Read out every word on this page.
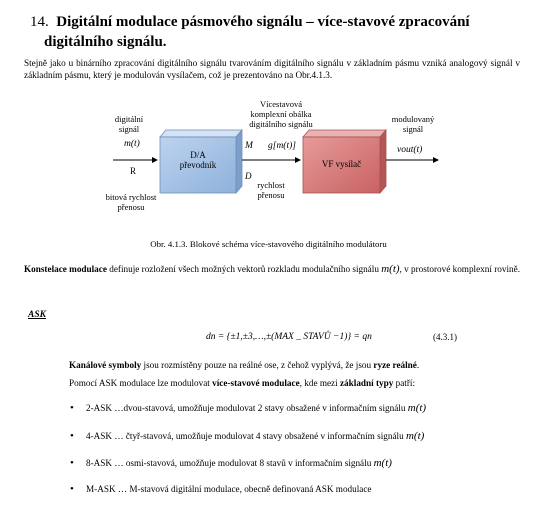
14. Digitální modulace pásmového signálu – více-stavové zpracování
digitálního signálu.
Stejně jako u binárního zpracování digitálního signálu tvarováním digitálního signálu v základním pásmu vzniká analogový signál v základním pásmu, který je modulován vysílačem, což je prezentováno na Obr.4.1.3.
digitální
signál
m(t)
R
bitová rychlost
přenosu
D/A
převodník
Vícestavová
komplexní obálka
digitálního signálu
M g[m(t)]
D
rychlost
přenosu
VF vysílač
modulovaný
signál
vout(t)
Obr. 4.1.3. Blokové schéma více-stavového digitálního modulátoru
Konstelace modulace definuje rozložení všech možných vektorů rozkladu modulačního signálu m(t), v prostorové komplexní rovině.
ASK
dn = {±1,±3,…,±(MAX _ STAVŮ −1)} = qn	(4.3.1)
Kanálové symboly jsou rozmístěny pouze na reálné ose, z čehož vyplývá, že jsou ryze reálné.
Pomocí ASK modulace lze modulovat více-stavové modulace, kde mezi základní typy patří:
• 2-ASK …dvou-stavová, umožňuje modulovat 2 stavy obsažené v informačním signálu m(t)
• 4-ASK … čtyř-stavová, umožňuje modulovat 4 stavy obsažené v informačním signálu m(t)
• 8-ASK … osmi-stavová, umožňuje modulovat 8 stavů v informačním signálu m(t)
• M-ASK … M-stavová digitální modulace, obecně definovaná ASK modulace
